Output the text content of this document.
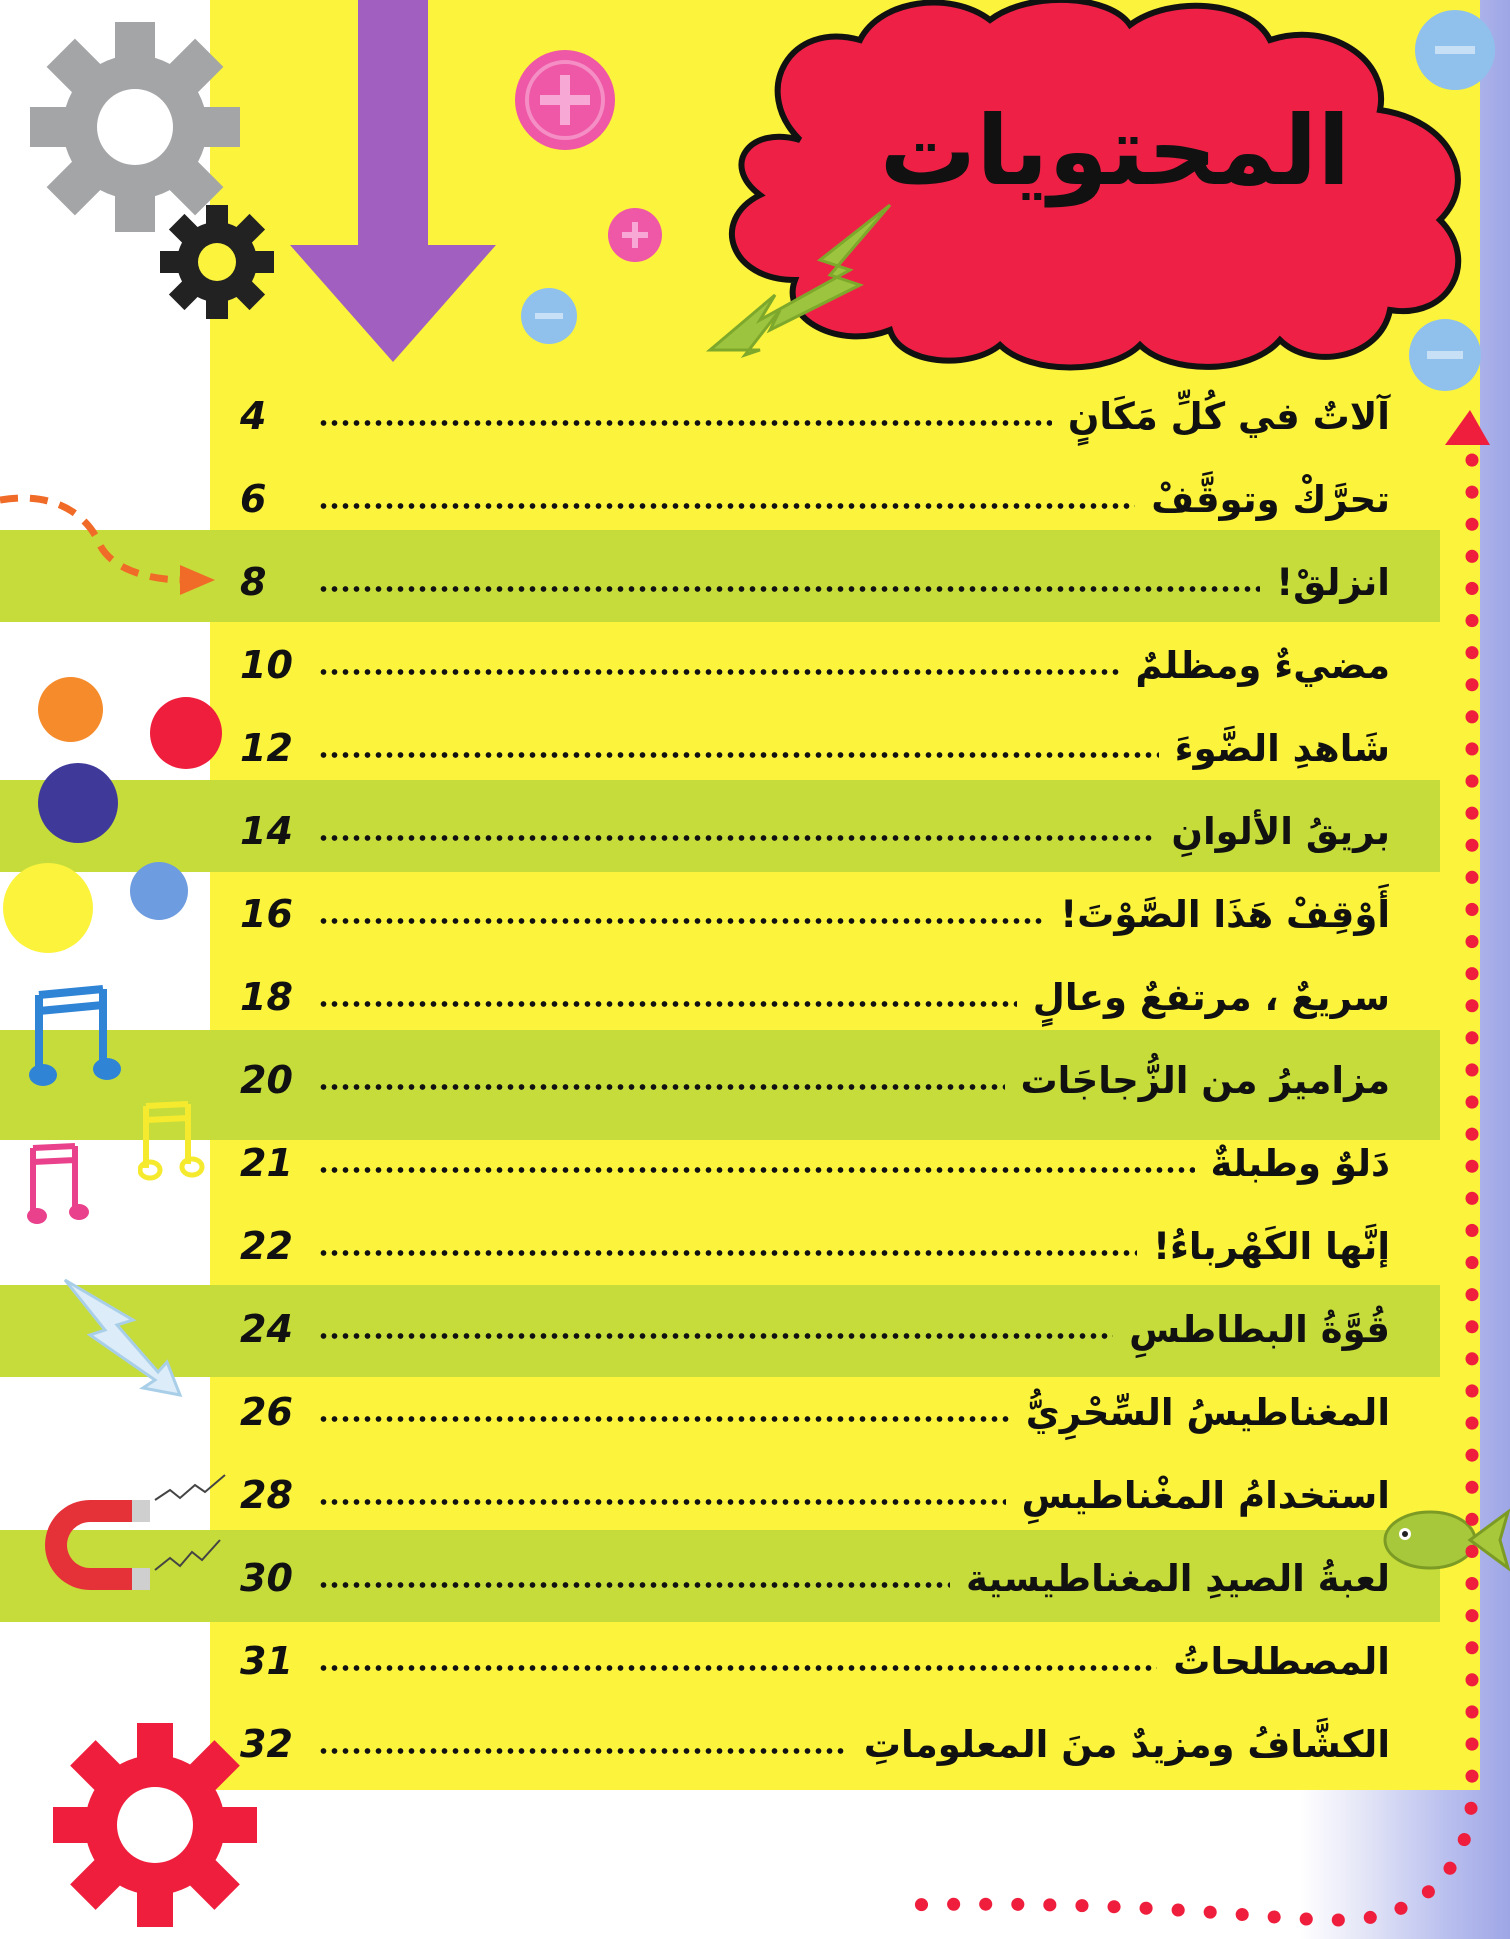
المحتويات
آلاتٌ في كُلِّ مَكَانٍ
4
تحرَّكْ وتوقَّفْ
6
انزلقْ!
8
مضيءٌ ومظلمٌ
10
شَاهدِ الضَّوءَ
12
بريقُ الألوانِ
14
أَوْقِفْ هَذَا الصَّوْتَ!
16
سريعٌ ، مرتفعٌ وعالٍ
18
مزاميرُ من الزُّجاجَات
20
دَلوٌ وطبلةٌ
21
إنَّها الكَهْرباءُ!
22
قُوَّةُ البطاطسِ
24
المغناطيسُ السِّحْرِيُّ
26
استخدامُ المغْناطيسِ
28
لعبةُ الصيدِ المغناطيسية
30
المصطلحاتُ
31
الكشَّافُ ومزيدٌ منَ المعلوماتِ
32
